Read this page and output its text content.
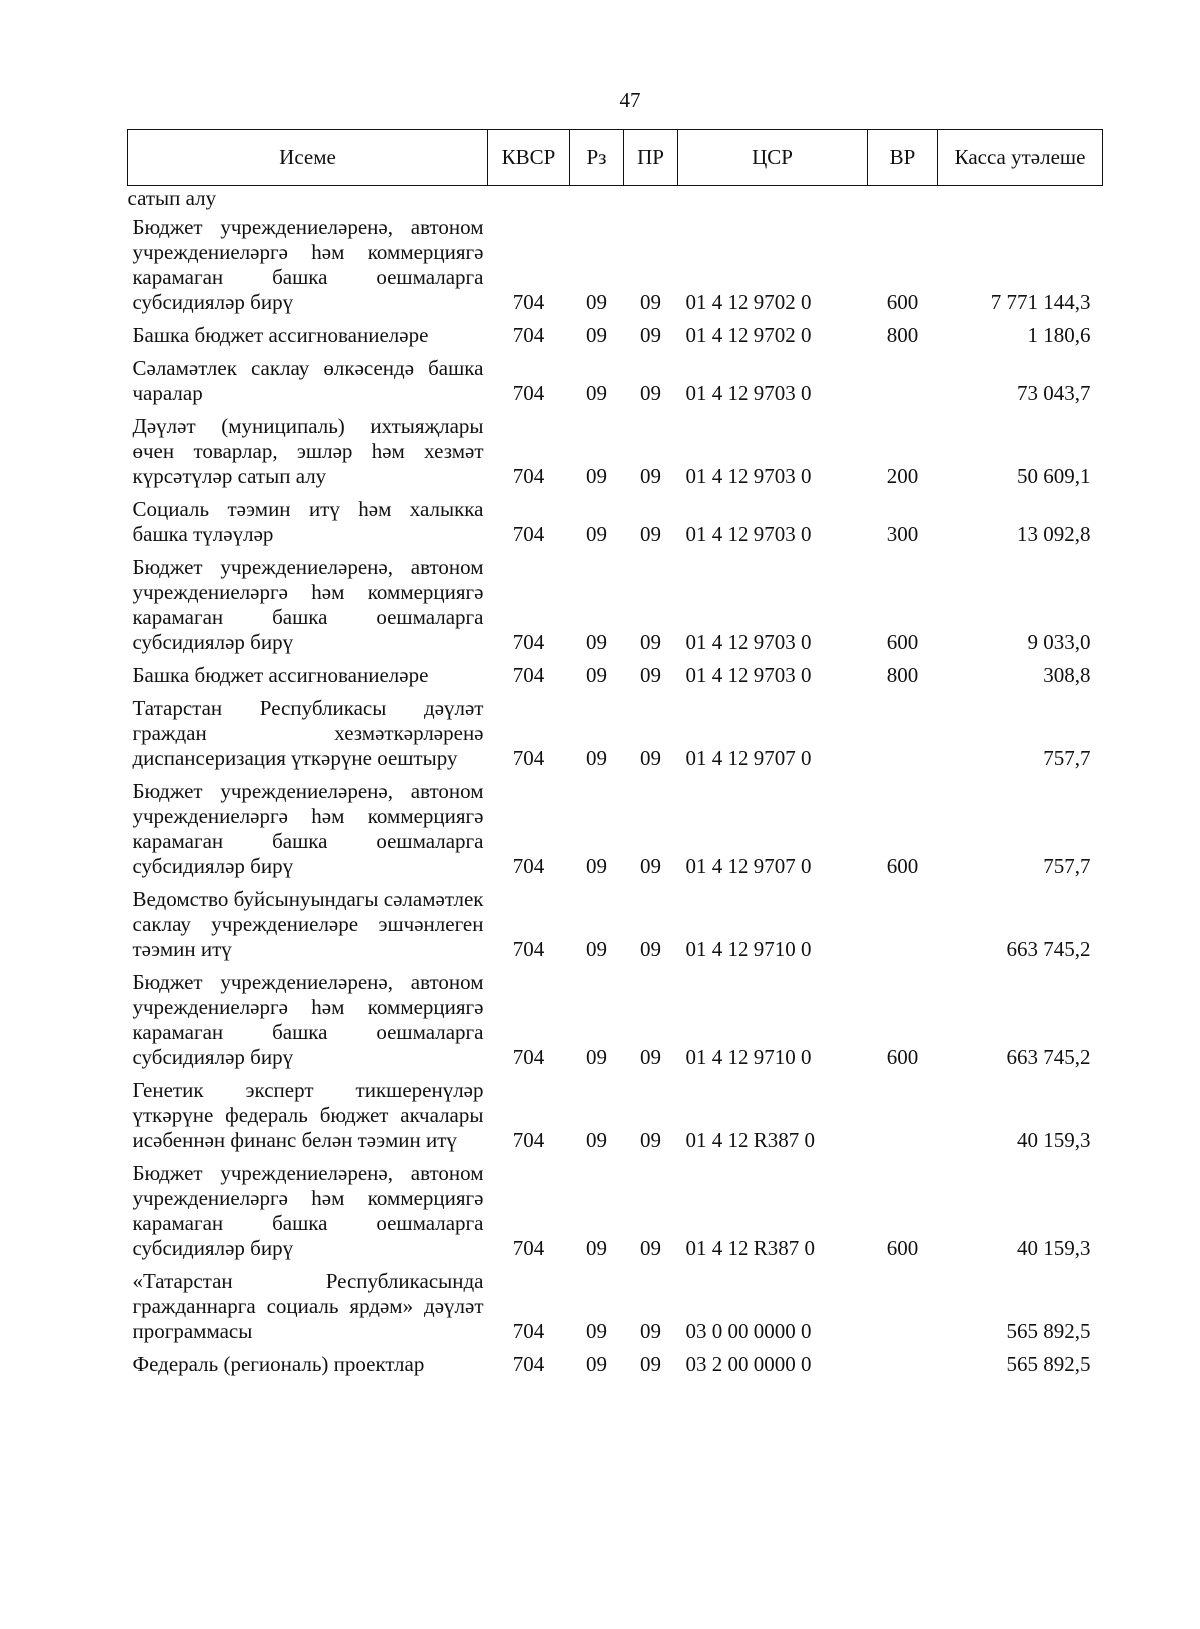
47
Исеме	КВСР	Рз	ПР	ЦСР	ВР	Касса утәлеше
сатып алу						
Бюджет учреждениеләренә, автоном учреждениеләргә һәм коммерциягә карамаган башка оешмаларга субсидияләр бирү	704	09	09	01 4 12 9702 0	600	7 771 144,3
Башка бюджет ассигнованиеләре	704	09	09	01 4 12 9702 0	800	1 180,6
Сәламәтлек саклау өлкәсендә башка чаралар	704	09	09	01 4 12 9703 0		73 043,7
Дәүләт (муниципаль) ихтыяҗлары өчен товарлар, эшләр һәм хезмәт күрсәтүләр сатып алу	704	09	09	01 4 12 9703 0	200	50 609,1
Социаль тәэмин итү һәм халыкка башка түләүләр	704	09	09	01 4 12 9703 0	300	13 092,8
Бюджет учреждениеләренә, автоном учреждениеләргә һәм коммерциягә карамаган башка оешмаларга субсидияләр бирү	704	09	09	01 4 12 9703 0	600	9 033,0
Башка бюджет ассигнованиеләре	704	09	09	01 4 12 9703 0	800	308,8
Татарстан Республикасы дәүләт граждан хезмәткәрләренә диспансеризация үткәрүне оештыру	704	09	09	01 4 12 9707 0		757,7
Бюджет учреждениеләренә, автоном учреждениеләргә һәм коммерциягә карамаган башка оешмаларга субсидияләр бирү	704	09	09	01 4 12 9707 0	600	757,7
Ведомство буйсынуындагы сәламәтлек саклау учреждениеләре эшчәнлеген тәэмин итү	704	09	09	01 4 12 9710 0		663 745,2
Бюджет учреждениеләренә, автоном учреждениеләргә һәм коммерциягә карамаган башка оешмаларга субсидияләр бирү	704	09	09	01 4 12 9710 0	600	663 745,2
Генетик эксперт тикшеренүләр үткәрүне федераль бюджет акчалары исәбеннән финанс белән тәэмин итү	704	09	09	01 4 12 R387 0		40 159,3
Бюджет учреждениеләренә, автоном учреждениеләргә һәм коммерциягә карамаган башка оешмаларга субсидияләр бирү	704	09	09	01 4 12 R387 0	600	40 159,3
«Татарстан Республикасында гражданнарга социаль ярдәм» дәүләт программасы	704	09	09	03 0 00 0000 0		565 892,5
Федераль (региональ) проектлар	704	09	09	03 2 00 0000 0		565 892,5
